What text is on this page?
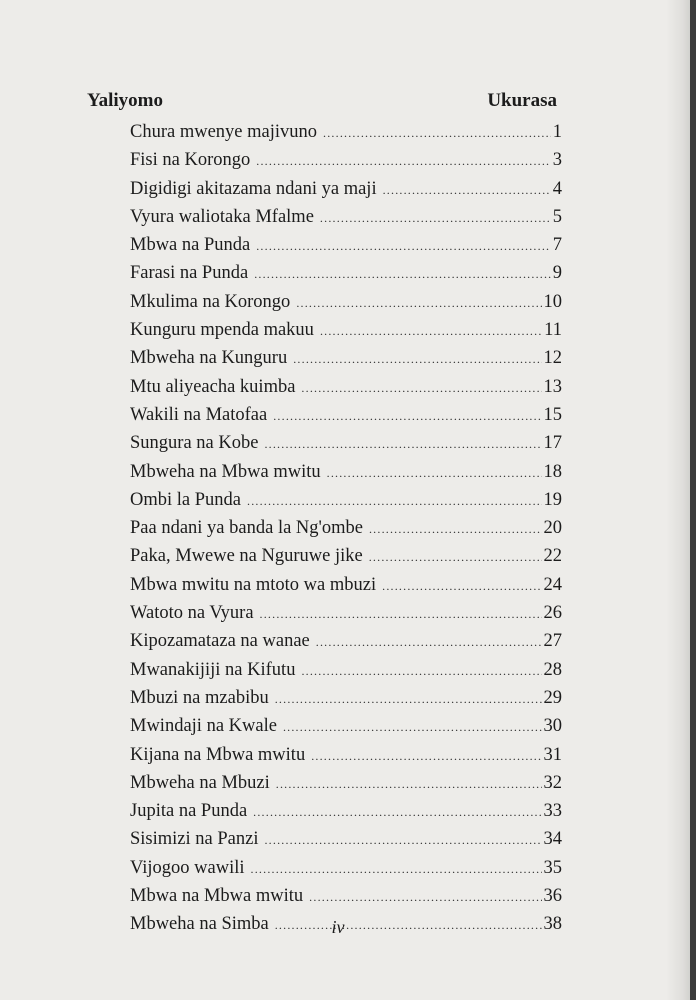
Yaliyomo	Ukurasa
Chura mwenye majivuno .....	1
Fisi na Korongo .....	3
Digidigi akitazama ndani ya maji .....	4
Vyura waliotaka Mfalme .....	5
Mbwa na Punda .....	7
Farasi na Punda .....	9
Mkulima na Korongo .....	10
Kunguru mpenda makuu .....	11
Mbweha na Kunguru .....	12
Mtu aliyeacha kuimba .....	13
Wakili na Matofaa .....	15
Sungura na Kobe .....	17
Mbweha na Mbwa mwitu .....	18
Ombi la Punda .....	19
Paa ndani ya banda la Ng'ombe .....	20
Paka, Mwewe na Nguruwe jike .....	22
Mbwa mwitu na mtoto wa mbuzi .....	24
Watoto na Vyura .....	26
Kipozamataza na wanae .....	27
Mwanakijiji na Kifutu .....	28
Mbuzi na mzabibu .....	29
Mwindaji na Kwale .....	30
Kijana na Mbwa mwitu .....	31
Mbweha na Mbuzi .....	32
Jupita na Punda .....	33
Sisimizi na Panzi .....	34
Vijogoo wawili .....	35
Mbwa na Mbwa mwitu .....	36
Mbweha na Simba .....	38
iv
